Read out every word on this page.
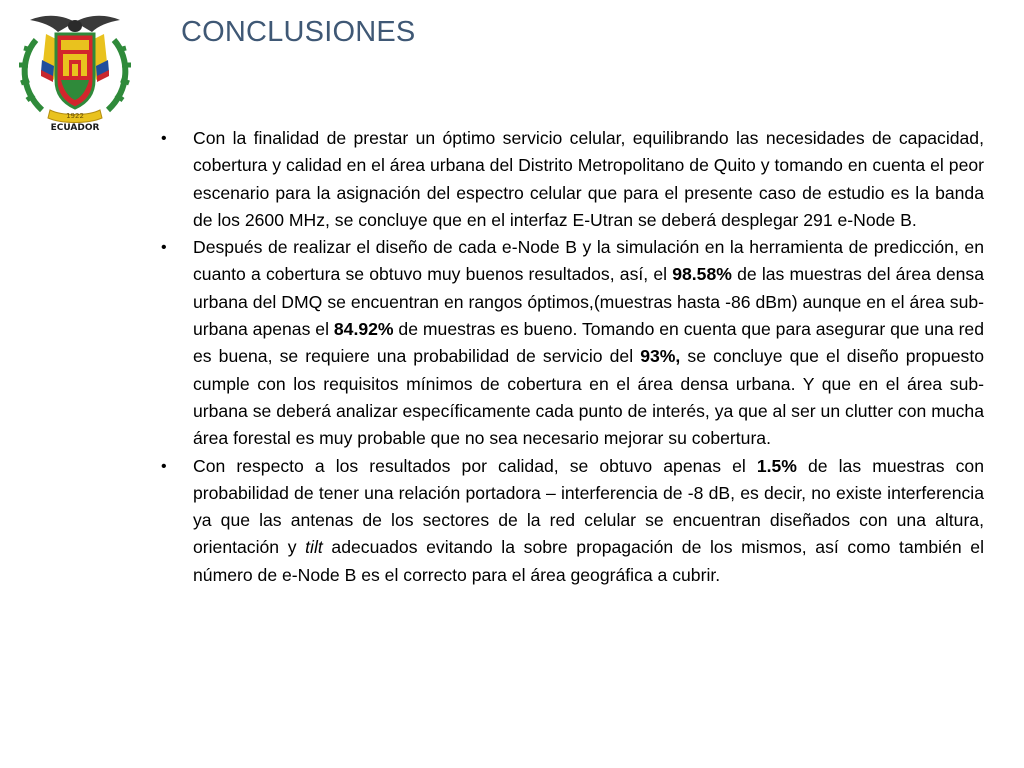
1922
ECUADOR
CONCLUSIONES
•	Con la finalidad de prestar un óptimo servicio celular, equilibrando las necesidades de capacidad, cobertura y calidad en el área urbana del Distrito Metropolitano de Quito y tomando en cuenta el peor escenario para la asignación del espectro celular que para el presente caso de estudio es la banda de los 2600 MHz, se concluye que en el interfaz E-Utran se deberá desplegar 291 e-Node B.
•	Después de realizar el diseño de cada e-Node B y la simulación en la herramienta de predicción, en cuanto a cobertura se obtuvo muy buenos resultados, así, el 98.58% de las muestras del área densa urbana del DMQ se encuentran en rangos óptimos,(muestras hasta -86 dBm) aunque en el área sub-urbana apenas el 84.92% de muestras es bueno. Tomando en cuenta que para asegurar que una red es buena, se requiere una probabilidad de servicio del 93%, se concluye que el diseño propuesto cumple con los requisitos mínimos de cobertura en el área densa urbana. Y que en el área sub-urbana se deberá analizar específicamente cada punto de interés, ya que al ser un clutter con mucha área forestal es muy probable que no sea necesario mejorar su cobertura.
•	Con respecto a los resultados por calidad, se obtuvo apenas el 1.5% de las muestras con probabilidad de tener una relación portadora – interferencia de -8 dB, es decir, no existe interferencia ya que las antenas de los sectores de la red celular se encuentran diseñados con una altura, orientación y tilt adecuados evitando la sobre propagación de los mismos, así como también el número de e-Node B es el correcto para el área geográfica a cubrir.
